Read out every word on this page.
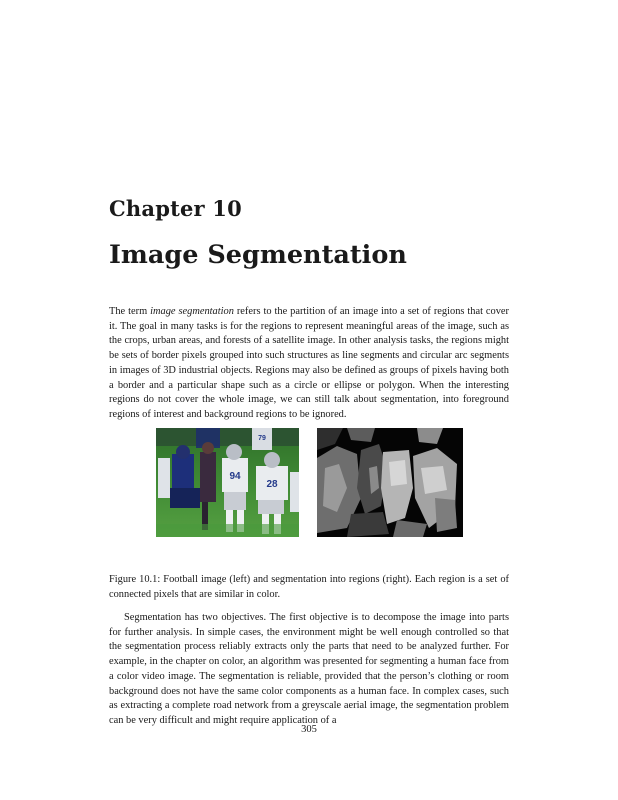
Chapter 10
Image Segmentation

The term image segmentation refers to the partition of an image into a set of regions that cover it. The goal in many tasks is for the regions to represent meaningful areas of the image, such as the crops, urban areas, and forests of a satellite image. In other analysis tasks, the regions might be sets of border pixels grouped into such structures as line segments and circular arc segments in images of 3D industrial objects. Regions may also be defined as groups of pixels having both a border and a particular shape such as a circle or ellipse or polygon. When the interesting regions do not cover the whole image, we can still talk about segmentation, into foreground regions of interest and background regions to be ignored.

94
28
79

Figure 10.1: Football image (left) and segmentation into regions (right). Each region is a set of connected pixels that are similar in color.

Segmentation has two objectives. The first objective is to decompose the image into parts for further analysis. In simple cases, the environment might be well enough controlled so that the segmentation process reliably extracts only the parts that need to be analyzed further. For example, in the chapter on color, an algorithm was presented for segmenting a human face from a color video image. The segmentation is reliable, provided that the person’s clothing or room background does not have the same color components as a human face. In complex cases, such as extracting a complete road network from a greyscale aerial image, the segmentation problem can be very difficult and might require application of a

305
